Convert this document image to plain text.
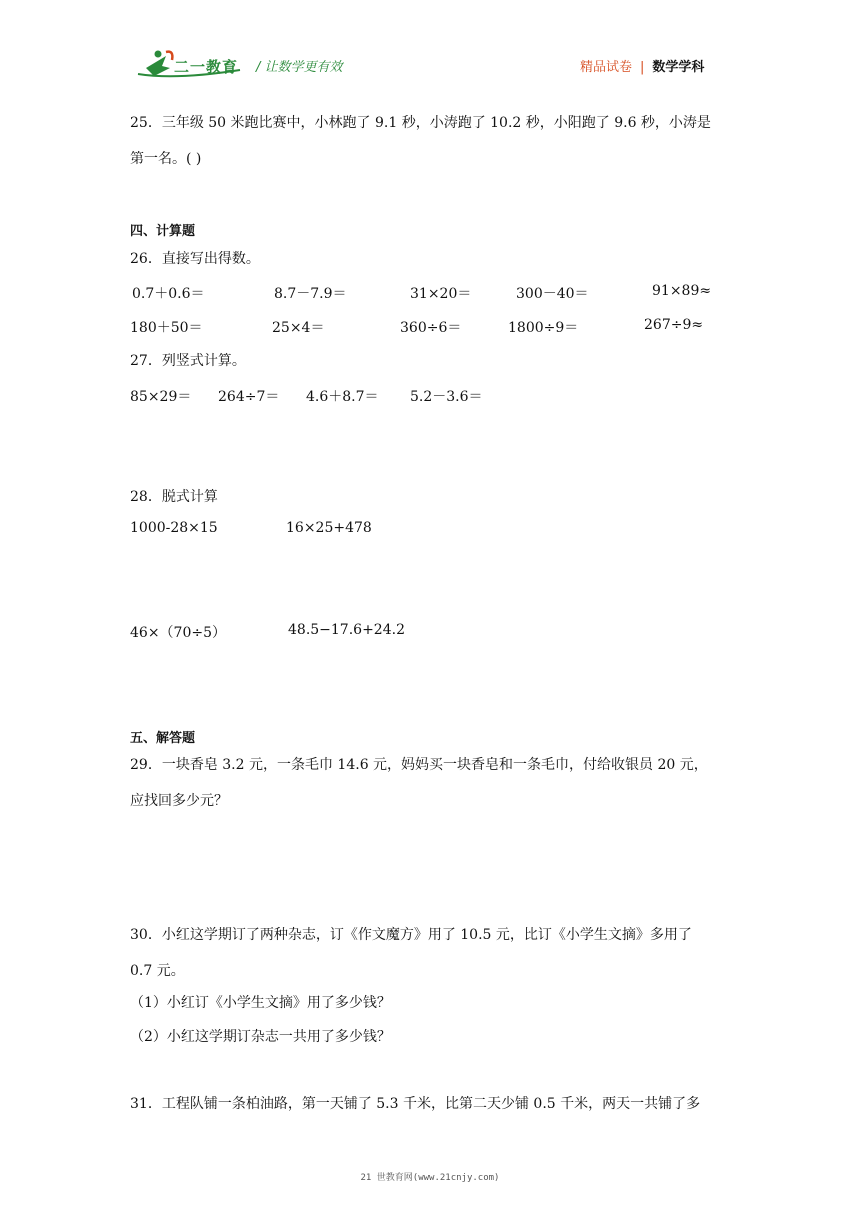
二一教育 / 让数学更有效	精品试卷 | 数学学科
25．三年级 50 米跑比赛中，小林跑了 9.1 秒，小涛跑了 10.2 秒，小阳跑了 9.6 秒，小涛是
第一名。( )
四、计算题
26．直接写出得数。
0.7＋0.6＝	8.7－7.9＝	31×20＝	300－40＝	91×89≈
180＋50＝	25×4＝	360÷6＝	1800÷9＝	267÷9≈
27．列竖式计算。
85×29＝ 264÷7＝ 4.6＋8.7＝ 5.2－3.6＝
28．脱式计算
1000-28×15	16×25+478
46×（70÷5）	48.5−17.6+24.2
五、解答题
29．一块香皂 3.2 元，一条毛巾 14.6 元，妈妈买一块香皂和一条毛巾，付给收银员 20 元，
应找回多少元？
30．小红这学期订了两种杂志，订《作文魔方》用了 10.5 元，比订《小学生文摘》多用了
0.7 元。
（1）小红订《小学生文摘》用了多少钱？
（2）小红这学期订杂志一共用了多少钱？
31．工程队铺一条柏油路，第一天铺了 5.3 千米，比第二天少铺 0.5 千米，两天一共铺了多
21 世教育网(www.21cnjy.com)
